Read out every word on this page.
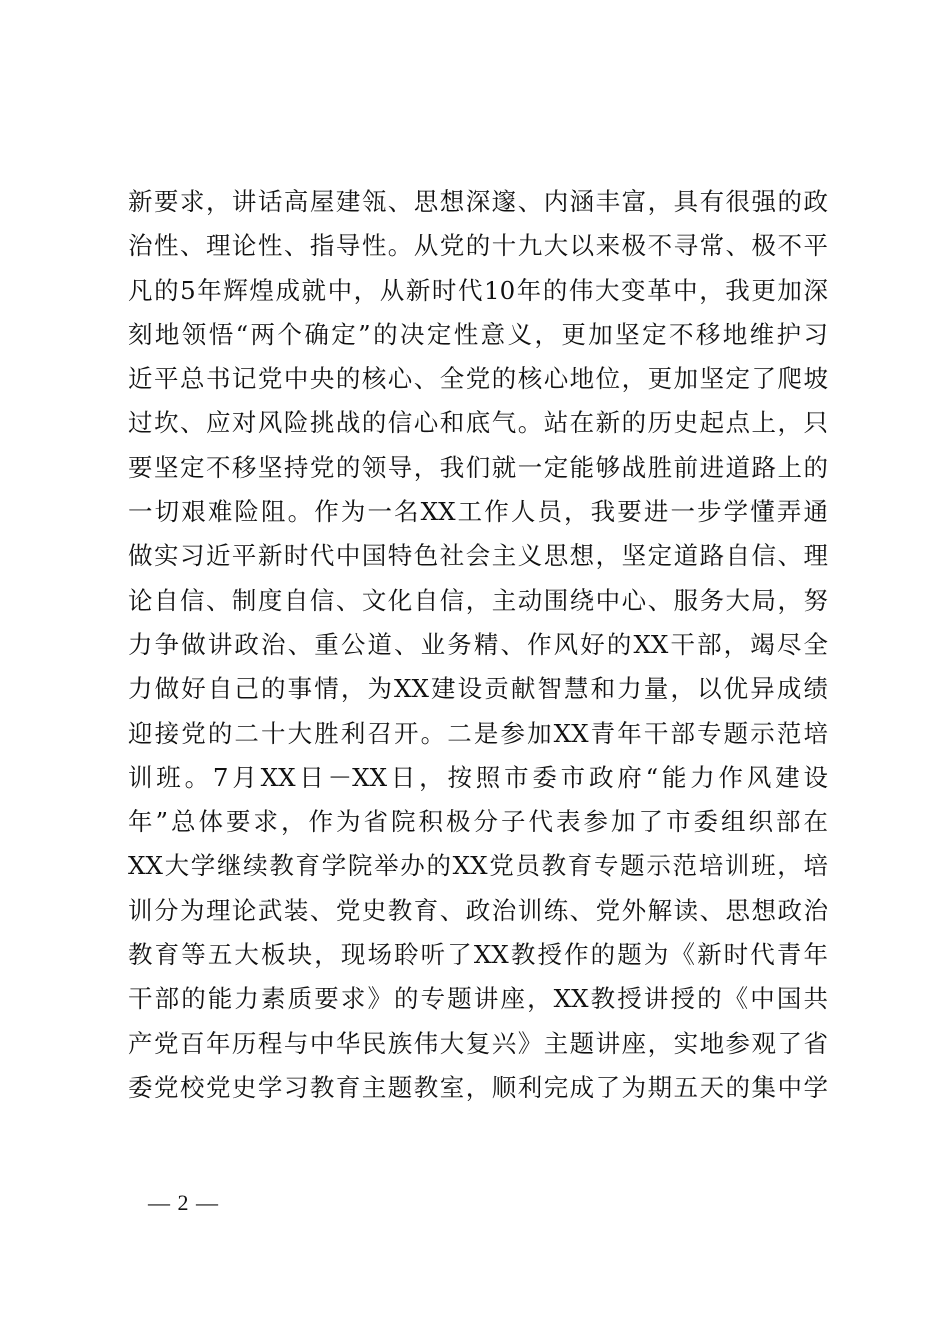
新要求，讲话高屋建瓴、思想深邃、内涵丰富，具有很强的政
治性、理论性、指导性。从党的十九大以来极不寻常、极不平
凡的5年辉煌成就中，从新时代10年的伟大变革中，我更加深
刻地领悟“两个确定”的决定性意义，更加坚定不移地维护习
近平总书记党中央的核心、全党的核心地位，更加坚定了爬坡
过坎、应对风险挑战的信心和底气。站在新的历史起点上，只
要坚定不移坚持党的领导，我们就一定能够战胜前进道路上的
一切艰难险阻。作为一名XX工作人员，我要进一步学懂弄通
做实习近平新时代中国特色社会主义思想，坚定道路自信、理
论自信、制度自信、文化自信，主动围绕中心、服务大局，努
力争做讲政治、重公道、业务精、作风好的XX干部，竭尽全
力做好自己的事情，为XX建设贡献智慧和力量，以优异成绩
迎接党的二十大胜利召开。二是参加XX青年干部专题示范培
训班。7月XX日－XX日，按照市委市政府“能力作风建设
年”总体要求，作为省院积极分子代表参加了市委组织部在
XX大学继续教育学院举办的XX党员教育专题示范培训班，培
训分为理论武装、党史教育、政治训练、党外解读、思想政治
教育等五大板块，现场聆听了XX教授作的题为《新时代青年
干部的能力素质要求》的专题讲座，XX教授讲授的《中国共
产党百年历程与中华民族伟大复兴》主题讲座，实地参观了省
委党校党史学习教育主题教室，顺利完成了为期五天的集中学
— 2 —
